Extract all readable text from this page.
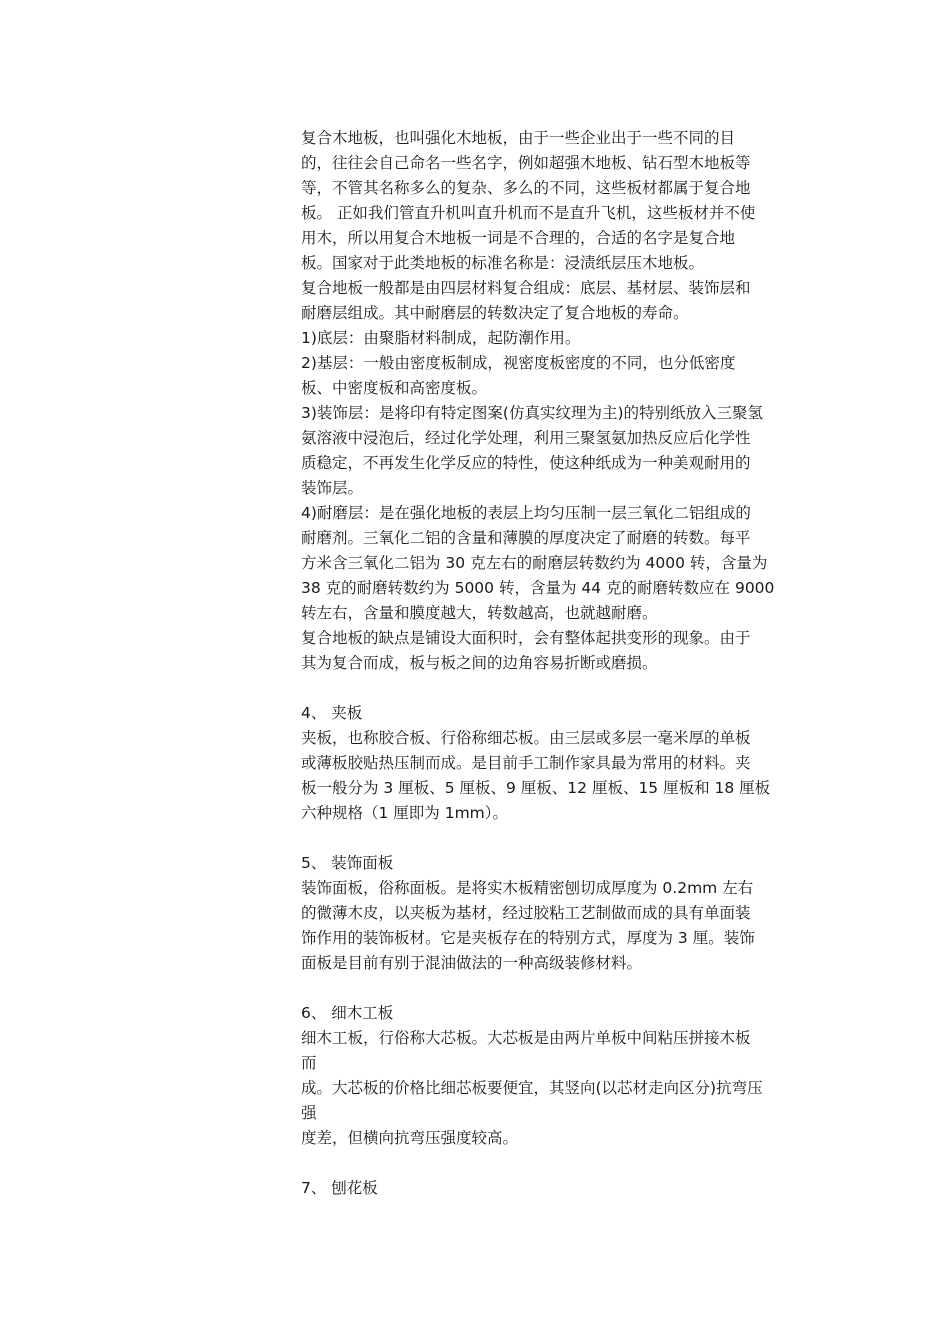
复合木地板，也叫强化木地板，由于一些企业出于一些不同的目
的，往往会自己命名一些名字，例如超强木地板、钻石型木地板等
等，不管其名称多么的复杂、多么的不同，这些板材都属于复合地
板。 正如我们管直升机叫直升机而不是直升飞机，这些板材并不使
用木，所以用复合木地板一词是不合理的，合适的名字是复合地
板。国家对于此类地板的标准名称是：浸渍纸层压木地板。
复合地板一般都是由四层材料复合组成：底层、基材层、装饰层和
耐磨层组成。其中耐磨层的转数决定了复合地板的寿命。
1)底层：由聚脂材料制成，起防潮作用。
2)基层：一般由密度板制成，视密度板密度的不同，也分低密度
板、中密度板和高密度板。
3)装饰层：是将印有特定图案(仿真实纹理为主)的特别纸放入三聚氢
氨溶液中浸泡后，经过化学处理，利用三聚氢氨加热反应后化学性
质稳定，不再发生化学反应的特性，使这种纸成为一种美观耐用的
装饰层。
4)耐磨层：是在强化地板的表层上均匀压制一层三氧化二铝组成的
耐磨剂。三氧化二铝的含量和薄膜的厚度决定了耐磨的转数。每平
方米含三氧化二铝为 30 克左右的耐磨层转数约为 4000 转，含量为
38 克的耐磨转数约为 5000 转，含量为 44 克的耐磨转数应在 9000
转左右，含量和膜度越大，转数越高，也就越耐磨。
复合地板的缺点是铺设大面积时，会有整体起拱变形的现象。由于
其为复合而成，板与板之间的边角容易折断或磨损。
4、 夹板
夹板，也称胶合板、行俗称细芯板。由三层或多层一毫米厚的单板
或薄板胶贴热压制而成。是目前手工制作家具最为常用的材料。夹
板一般分为 3 厘板、5 厘板、9 厘板、12 厘板、15 厘板和 18 厘板
六种规格（1 厘即为 1mm）。
5、 装饰面板
装饰面板，俗称面板。是将实木板精密刨切成厚度为 0.2mm 左右
的微薄木皮，以夹板为基材，经过胶粘工艺制做而成的具有单面装
饰作用的装饰板材。它是夹板存在的特别方式，厚度为 3 厘。装饰
面板是目前有别于混油做法的一种高级装修材料。
6、 细木工板
细木工板，行俗称大芯板。大芯板是由两片单板中间粘压拼接木板
而
成。大芯板的价格比细芯板要便宜，其竖向(以芯材走向区分)抗弯压
强
度差，但横向抗弯压强度较高。
7、 刨花板
